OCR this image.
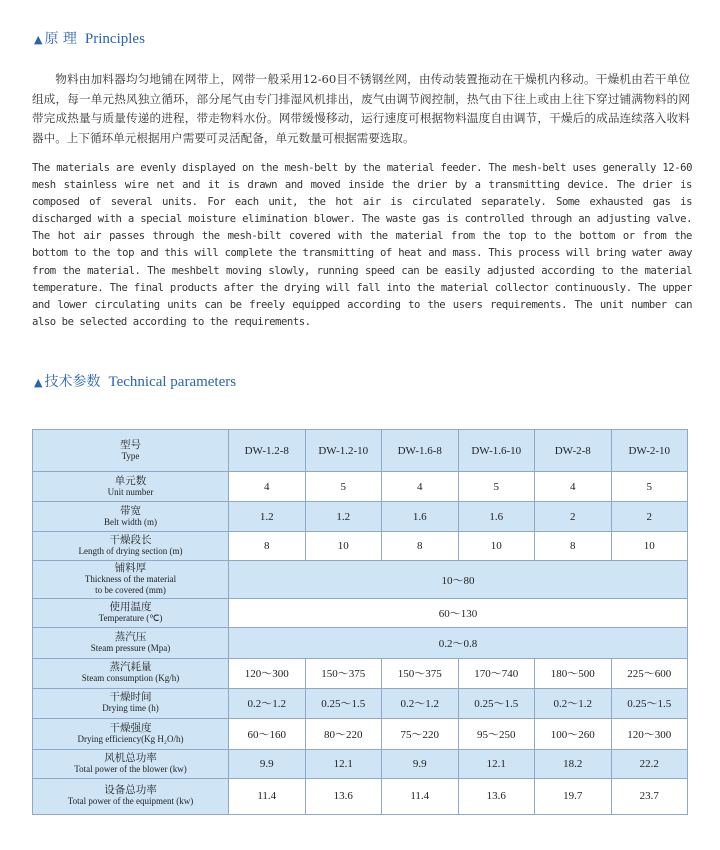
▲ 原 理 Principles
物料由加料器均匀地铺在网带上，网带一般采用12-60目不锈钢丝网，由传动装置拖动在干燥机内移动。干燥机由若干单位组成，每一单元热风独立循环，部分尾气由专门排湿风机排出，废气由调节阀控制，热气由下往上或由上往下穿过铺满物料的网带完成热量与质量传递的进程，带走物料水份。网带缓慢移动，运行速度可根据物料温度自由调节，干燥后的成品连续落入收料器中。上下循环单元根据用户需要可灵活配备，单元数量可根据需要选取。
The materials are evenly displayed on the mesh-belt by the material feeder. The mesh-belt uses generally 12-60 mesh stainless wire net and it is drawn and moved inside the drier by a transmitting device. The drier is composed of several units. For each unit, the hot air is circulated separately. Some exhausted gas is discharged with a special moisture elimination blower. The waste gas is controlled through an adjusting valve. The hot air passes through the mesh-bilt covered with the material from the top to the bottom or from the bottom to the top and this will complete the transmitting of heat and mass. This process will bring water away from the material. The meshbelt moving slowly, running speed can be easily adjusted according to the material temperature. The final products after the drying will fall into the material collector continuously. The upper and lower circulating units can be freely equipped according to the users requirements. The unit number can also be selected according to the requirements.
▲ 技术参数 Technical parameters
型号
Type	DW-1.2-8	DW-1.2-10	DW-1.6-8	DW-1.6-10	DW-2-8	DW-2-10

单元数
Unit number	4	5	4	5	4	5

带宽
Belt width (m)	1.2	1.2	1.6	1.6	2	2

干燥段长
Length of drying section (m)	8	10	8	10	8	10

铺料厚
Thickness of the material
to be covered (mm)	10～80					

使用温度
Temperature (℃)	60～130					

蒸汽压
Steam pressure (Mpa)	0.2～0.8					

蒸汽耗量
Steam consumption (Kg/h)	120～300	150～375	150～375	170～740	180～500	225～600

干燥时间
Drying time (h)	0.2～1.2	0.25～1.5	0.2～1.2	0.25～1.5	0.2～1.2	0.25～1.5

干燥强度
Drying efficiency(Kg H₂O/h)	60～160	80～220	75～220	95～250	100～260	120～300

风机总功率
Total power of the blower (kw)	9.9	12.1	9.9	12.1	18.2	22.2

设备总功率
Total power of the equipment (kw)	11.4	13.6	11.4	13.6	19.7	23.7
